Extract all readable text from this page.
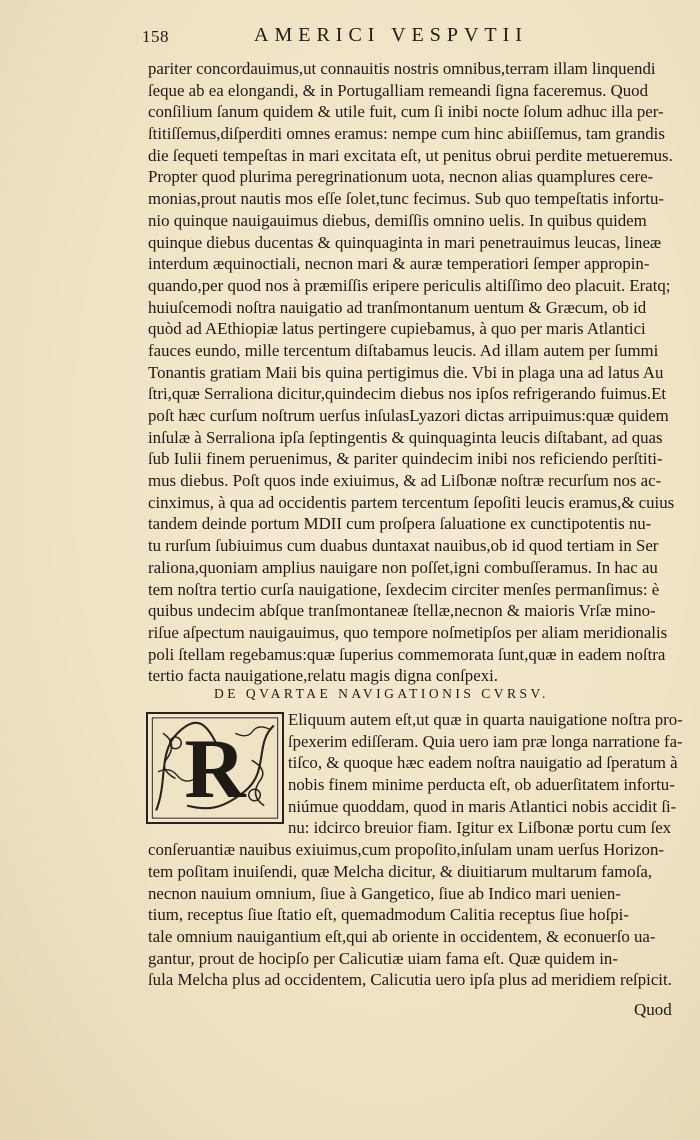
158	AMERICI VESPVTII
pariter concordauimus,ut connauitis nostris omnibus,terram illam linquendi
ſeque ab ea elongandi, & in Portugalliam remeandi ſigna faceremus. Quod
conſilium ſanum quidem & utile fuit, cum ſi inibi nocte ſolum adhuc illa per-
ſtitiſſemus,diſperditi omnes eramus: nempe cum hinc abiiſſemus, tam grandis
die ſequeti tempeſtas in mari excitata eſt, ut penitus obrui perdite metueremus.
Propter quod plurima peregrinationum uota, necnon alias quamplures cere-
monias,prout nautis mos eſſe ſolet,tunc fecimus. Sub quo tempeſtatis infortu-
nio quinque nauigauimus diebus, demiſſis omnino uelis. In quibus quidem
quinque diebus ducentas & quinquaginta in mari penetrauimus leucas, lineæ
interdum æquinoctiali, necnon mari & auræ temperatiori ſemper appropin-
quando,per quod nos à præmiſſis eripere periculis altiſſimo deo placuit. Eratq;
huiuſcemodi noſtra nauigatio ad tranſmontanum uentum & Græcum, ob id
quòd ad AEthiopiæ latus pertingere cupiebamus, à quo per maris Atlantici
fauces eundo, mille tercentum diſtabamus leucis. Ad illam autem per ſummi
Tonantis gratiam Maii bis quina pertigimus die. Vbi in plaga una ad latus Au
ſtri,quæ Serraliona dicitur,quindecim diebus nos ipſos refrigerando fuimus.Et
poſt hæc curſum noſtrum uerſus inſulasLyazori dictas arripuimus:quæ quidem
inſulæ à Serraliona ipſa ſeptingentis & quinquaginta leucis diſtabant, ad quas
ſub Iulii finem peruenimus, & pariter quindecim inibi nos reficiendo perſtiti-
mus diebus. Poſt quos inde exiuimus, & ad Liſbonæ noſtræ recurſum nos ac-
cinximus, à qua ad occidentis partem tercentum ſepoſiti leucis eramus,& cuius
tandem deinde portum MDII cum proſpera ſaluatione ex cunctipotentis nu-
tu rurſum ſubiuimus cum duabus duntaxat nauibus,ob id quod tertiam in Ser
raliona,quoniam amplius nauigare non poſſet,igni combuſſeramus. In hac au
tem noſtra tertio curſa nauigatione, ſexdecim circiter menſes permanſimus: è
quibus undecim abſque tranſmontaneæ ſtellæ,necnon & maioris Vrſæ mino-
riſue aſpectum nauigauimus, quo tempore noſmetipſos per aliam meridionalis
poli ſtellam regebamus:quæ ſuperius commemorata ſunt,quæ in eadem noſtra
tertio facta nauigatione,relatu magis digna conſpexi.
DE QVARTAE NAVIGATIONIS CVRSV.
R
Eliquum autem eſt,ut quæ in quarta nauigatione noſtra pro-
ſpexerim ediſſeram. Quia uero iam præ longa narratione fa-
tiſco, & quoque hæc eadem noſtra nauigatio ad ſperatum à
nobis finem minime perducta eſt, ob aduerſitatem infortu-
niúmue quoddam, quod in maris Atlantici nobis accidit ſi-
nu: idcirco breuior fiam. Igitur ex Liſbonæ portu cum ſex
conſeruantiæ nauibus exiuimus,cum propoſito,inſulam unam uerſus Horizon-
tem poſitam inuiſendi, quæ Melcha dicitur, & diuitiarum multarum famoſa,
necnon nauium omnium, ſiue à Gangetico, ſiue ab Indico mari uenien-
tium, receptus ſiue ſtatio eſt, quemadmodum Calitia receptus ſiue hoſpi-
tale omnium nauigantium eſt,qui ab oriente in occidentem, & econuerſo ua-
gantur, prout de hocipſo per Calicutiæ uiam fama eſt. Quæ quidem in-
ſula Melcha plus ad occidentem, Calicutia uero ipſa plus ad meridiem reſpicit.
Quod
